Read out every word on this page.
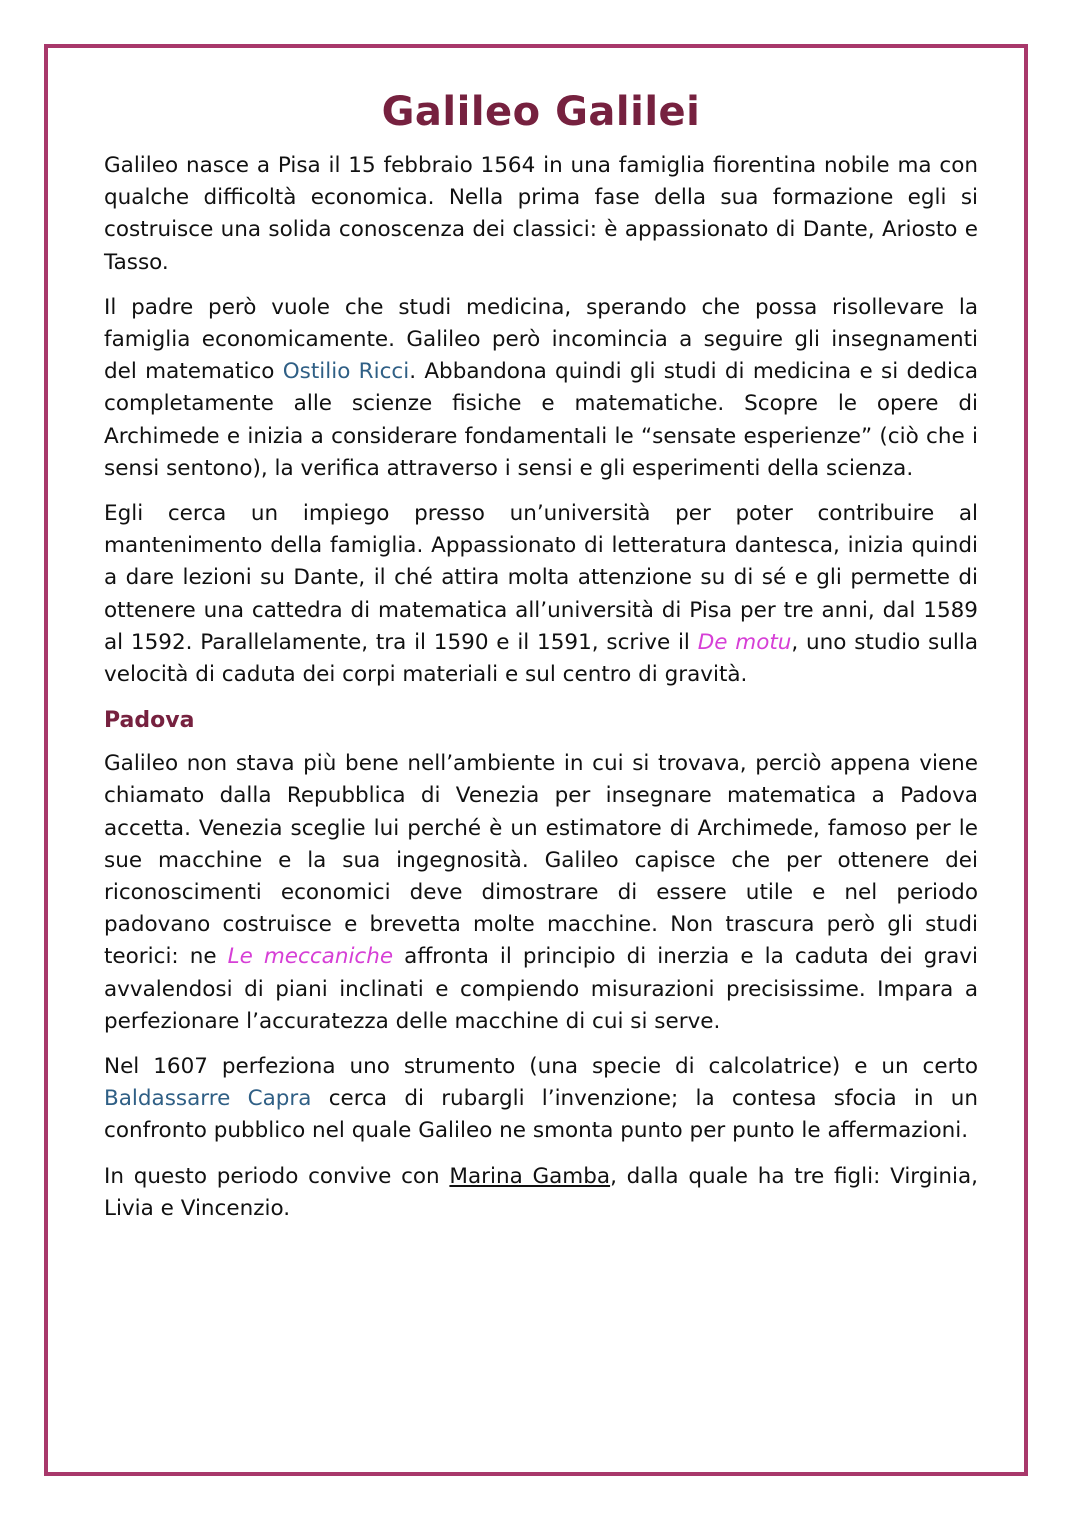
Galileo Galilei

Galileo nasce a Pisa il 15 febbraio 1564 in una famiglia fiorentina nobile ma con qualche difficoltà economica. Nella prima fase della sua formazione egli si costruisce una solida conoscenza dei classici: è appassionato di Dante, Ariosto e Tasso.

Il padre però vuole che studi medicina, sperando che possa risollevare la famiglia economicamente. Galileo però incomincia a seguire gli insegnamenti del matematico Ostilio Ricci. Abbandona quindi gli studi di medicina e si dedica completamente alle scienze fisiche e matematiche. Scopre le opere di Archimede e inizia a considerare fondamentali le “sensate esperienze” (ciò che i sensi sentono), la verifica attraverso i sensi e gli esperimenti della scienza.

Egli cerca un impiego presso un’università per poter contribuire al mantenimento della famiglia. Appassionato di letteratura dantesca, inizia quindi a dare lezioni su Dante, il ché attira molta attenzione su di sé e gli permette di ottenere una cattedra di matematica all’università di Pisa per tre anni, dal 1589 al 1592. Parallelamente, tra il 1590 e il 1591, scrive il De motu, uno studio sulla velocità di caduta dei corpi materiali e sul centro di gravità.

Padova

Galileo non stava più bene nell’ambiente in cui si trovava, perciò appena viene chiamato dalla Repubblica di Venezia per insegnare matematica a Padova accetta. Venezia sceglie lui perché è un estimatore di Archimede, famoso per le sue macchine e la sua ingegnosità. Galileo capisce che per ottenere dei riconoscimenti economici deve dimostrare di essere utile e nel periodo padovano costruisce e brevetta molte macchine. Non trascura però gli studi teorici: ne Le meccaniche affronta il principio di inerzia e la caduta dei gravi avvalendosi di piani inclinati e compiendo misurazioni precisissime. Impara a perfezionare l’accuratezza delle macchine di cui si serve.

Nel 1607 perfeziona uno strumento (una specie di calcolatrice) e un certo Baldassarre Capra cerca di rubargli l’invenzione; la contesa sfocia in un confronto pubblico nel quale Galileo ne smonta punto per punto le affermazioni.

In questo periodo convive con Marina Gamba, dalla quale ha tre figli: Virginia, Livia e Vincenzio.
